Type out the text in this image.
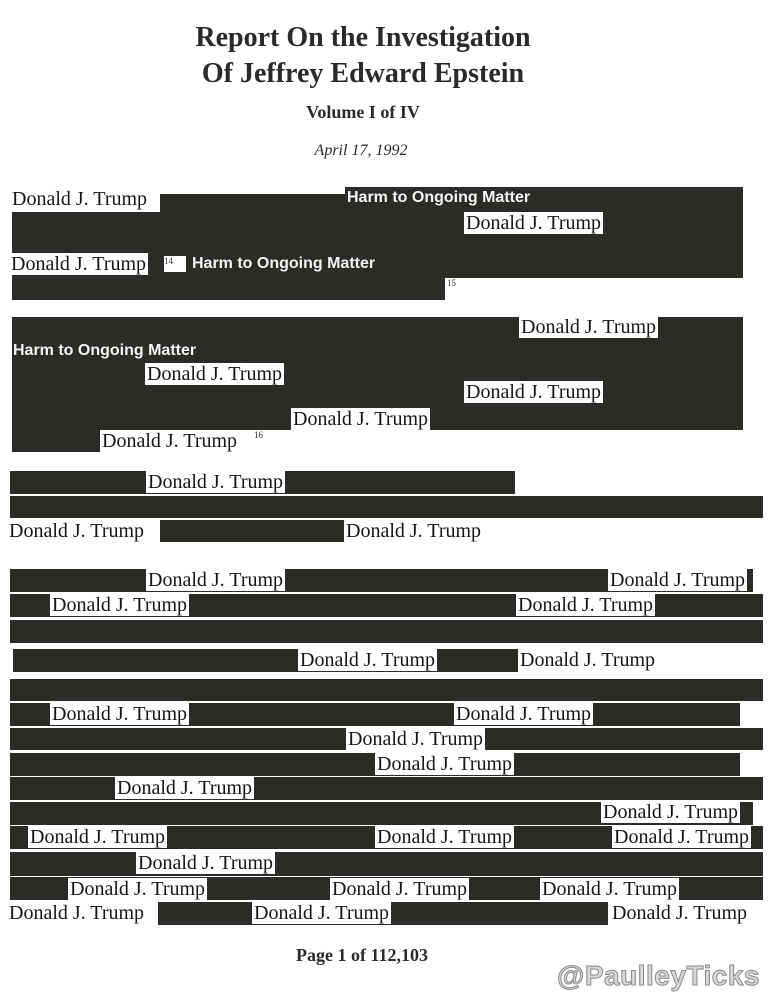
Report On the Investigation
Of Jeffrey Edward Epstein
Volume I of IV
April 17, 1992
Donald J. Trump	Harm to Ongoing Matter
Donald J. Trump
Donald J. Trump 14	Harm to Ongoing Matter
15
Donald J. Trump
Harm to Ongoing Matter
Donald J. Trump
Donald J. Trump
Donald J. Trump
Donald J. Trump 16
Donald J. Trump
Donald J. Trump	Donald J. Trump
Donald J. Trump	Donald J. Trump
Donald J. Trump	Donald J. Trump
Donald J. Trump	Donald J. Trump
Donald J. Trump	Donald J. Trump
Donald J. Trump
Donald J. Trump
Donald J. Trump
Donald J. Trump
Donald J. Trump	Donald J. Trump	Donald J. Trump
Donald J. Trump
Donald J. Trump	Donald J. Trump	Donald J. Trump
Donald J. Trump	Donald J. Trump	Donald J. Trump
Page 1 of 112,103
@PaulleyTicks
